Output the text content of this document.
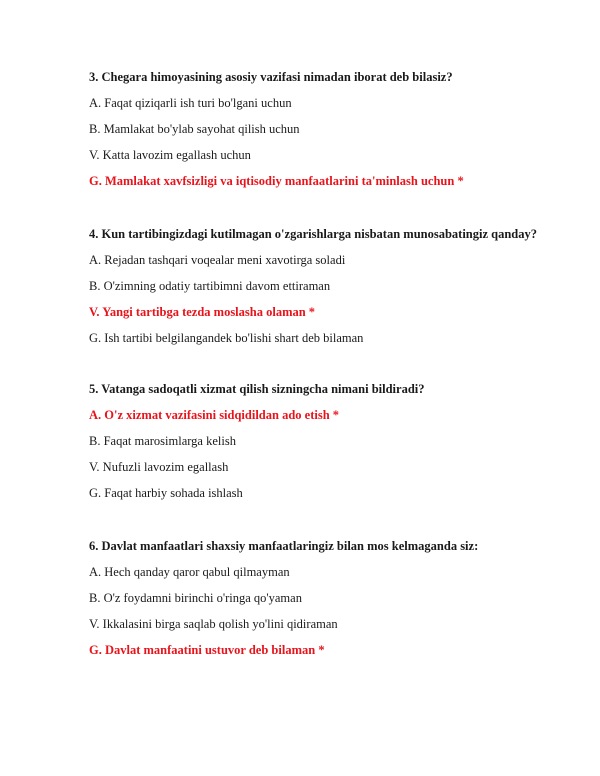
3. Chegara himoyasining asosiy vazifasi nimadan iborat deb bilasiz?
A. Faqat qiziqarli ish turi bo'lgani uchun
B. Mamlakat bo'ylab sayohat qilish uchun
V. Katta lavozim egallash uchun
G. Mamlakat xavfsizligi va iqtisodiy manfaatlarini ta'minlash uchun *
4. Kun tartibingizdagi kutilmagan o'zgarishlarga nisbatan munosabatingiz qanday?
A. Rejadan tashqari voqealar meni xavotirga soladi
B. O'zimning odatiy tartibimni davom ettiraman
V. Yangi tartibga tezda moslasha olaman *
G. Ish tartibi belgilangandek bo'lishi shart deb bilaman
5. Vatanga sadoqatli xizmat qilish sizningcha nimani bildiradi?
A. O'z xizmat vazifasini sidqidildan ado etish *
B. Faqat marosimlarga kelish
V. Nufuzli lavozim egallash
G. Faqat harbiy sohada ishlash
6. Davlat manfaatlari shaxsiy manfaatlaringiz bilan mos kelmaganda siz:
A. Hech qanday qaror qabul qilmayman
B. O'z foydamni birinchi o'ringa qo'yaman
V. Ikkalasini birga saqlab qolish yo'lini qidiraman
G. Davlat manfaatini ustuvor deb bilaman *
